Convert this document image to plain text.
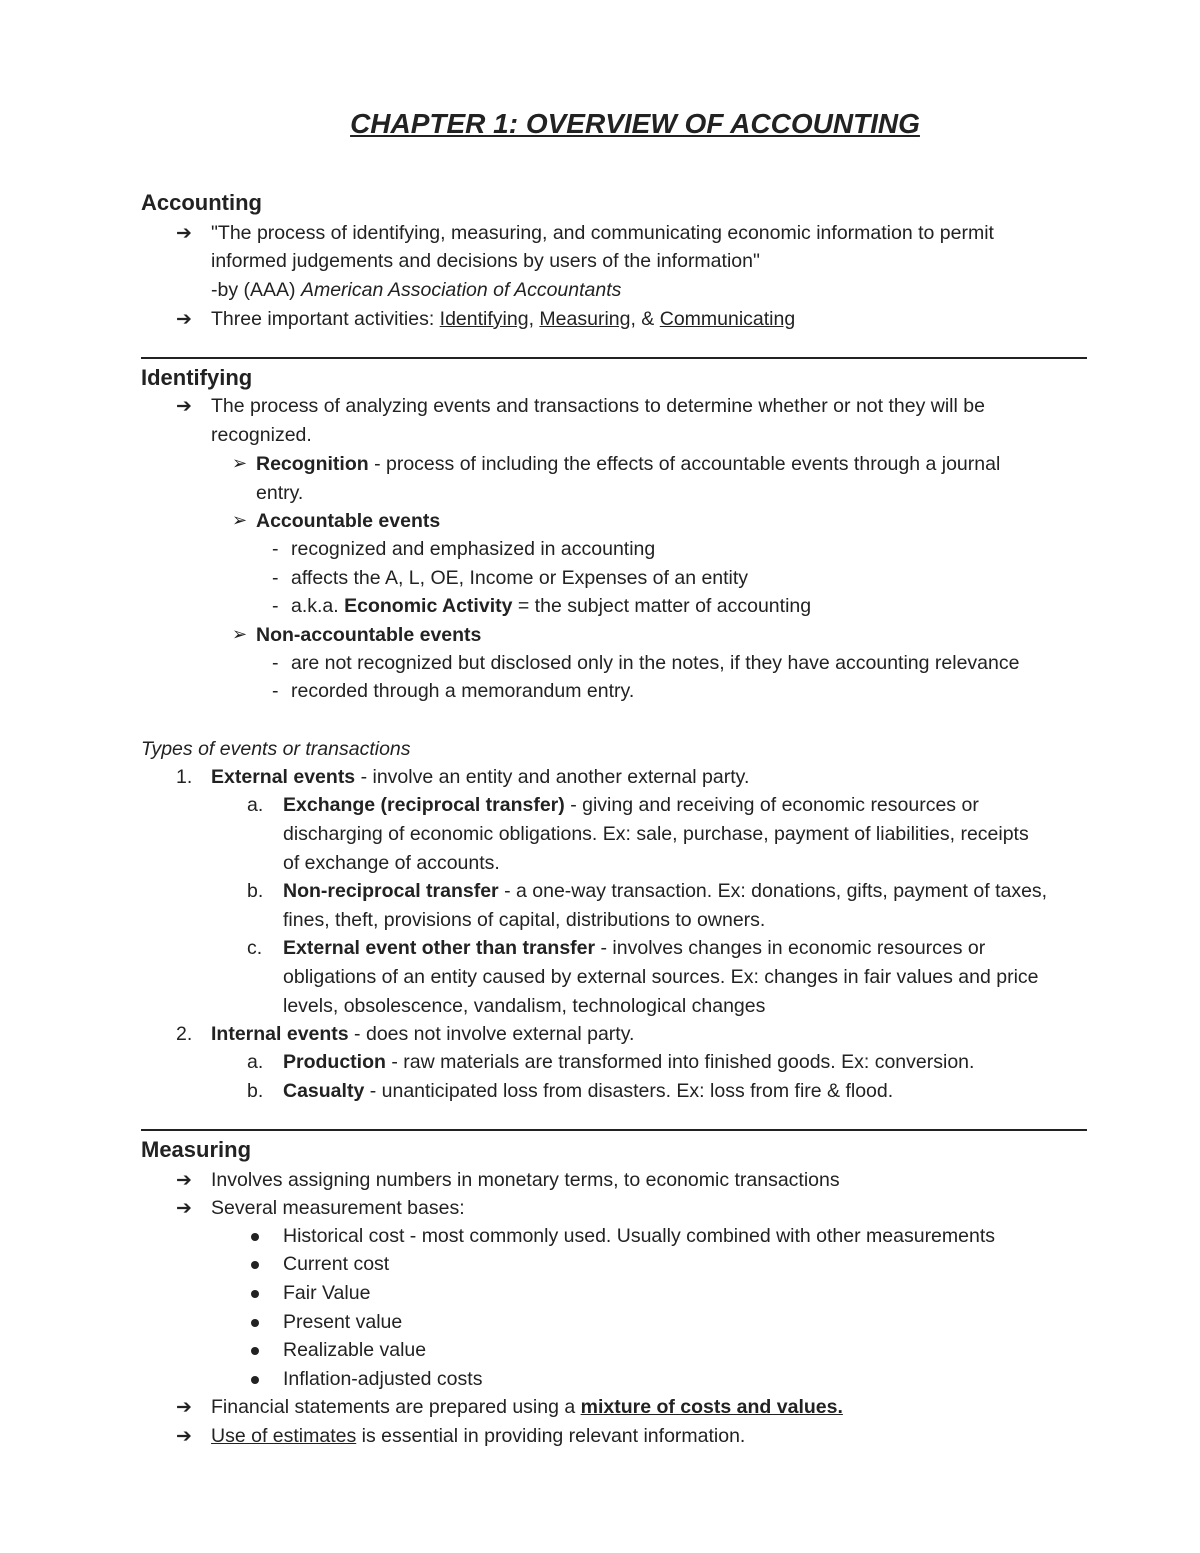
CHAPTER 1: OVERVIEW OF ACCOUNTING
Accounting
➔ "The process of identifying, measuring, and communicating economic information to permit
informed judgements and decisions by users of the information"
-by (AAA) American Association of Accountants
➔ Three important activities: Identifying, Measuring, & Communicating
Identifying
➔ The process of analyzing events and transactions to determine whether or not they will be
recognized.
➢ Recognition - process of including the effects of accountable events through a journal
entry.
➢ Accountable events
- recognized and emphasized in accounting
- affects the A, L, OE, Income or Expenses of an entity
- a.k.a. Economic Activity = the subject matter of accounting
➢ Non-accountable events
- are not recognized but disclosed only in the notes, if they have accounting relevance
- recorded through a memorandum entry.
Types of events or transactions
1. External events - involve an entity and another external party.
a. Exchange (reciprocal transfer) - giving and receiving of economic resources or
discharging of economic obligations. Ex: sale, purchase, payment of liabilities, receipts
of exchange of accounts.
b. Non-reciprocal transfer - a one-way transaction. Ex: donations, gifts, payment of taxes,
fines, theft, provisions of capital, distributions to owners.
c. External event other than transfer - involves changes in economic resources or
obligations of an entity caused by external sources. Ex: changes in fair values and price
levels, obsolescence, vandalism, technological changes
2. Internal events - does not involve external party.
a. Production - raw materials are transformed into finished goods. Ex: conversion.
b. Casualty - unanticipated loss from disasters. Ex: loss from fire & flood.
Measuring
➔ Involves assigning numbers in monetary terms, to economic transactions
➔ Several measurement bases:
Historical cost - most commonly used. Usually combined with other measurements
Current cost
Fair Value
Present value
Realizable value
Inflation-adjusted costs
➔ Financial statements are prepared using a mixture of costs and values.
➔ Use of estimates is essential in providing relevant information.
